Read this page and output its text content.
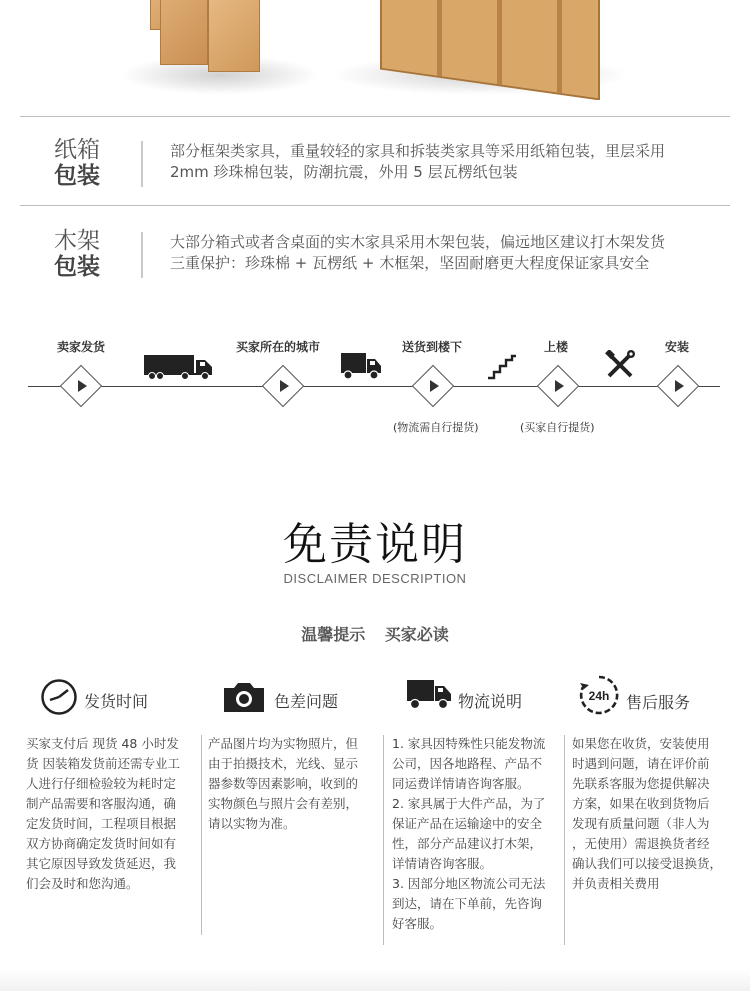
纸箱
包装
部分框架类家具，重量较轻的家具和拆装类家具等采用纸箱包装，里层采用
2mm 珍珠棉包装，防潮抗震，外用 5 层瓦楞纸包装
木架
包装
大部分箱式或者含桌面的实木家具采用木架包装，偏远地区建议打木架发货
三重保护：珍珠棉 + 瓦楞纸 + 木框架，坚固耐磨更大程度保证家具安全
卖家发货	买家所在的城市	送货到楼下	上楼	安装
(物流需自行提货)	(买家自行提货)
免责说明
DISCLAIMER DESCRIPTION
温馨提示 买家必读
发货时间	色差问题	物流说明	24h 售后服务

买家支付后 现货 48 小时发

货 因装箱发货前还需专业工

人进行仔细检验较为耗时定

制产品需要和客服沟通，确

定发货时间，工程项目根据

双方协商确定发货时间如有

其它原因导致发货延迟，我

们会及时和您沟通。

产品图片均为实物照片，但

由于拍摄技术，光线、显示

器参数等因素影响，收到的

实物颜色与照片会有差别，

请以实物为准。

1. 家具因特殊性只能发物流

公司，因各地路程、产品不

同运费详情请咨询客服。

2. 家具属于大件产品，为了

保证产品在运输途中的安全

性，部分产品建议打木架，

详情请咨询客服。

3. 因部分地区物流公司无法

到达，请在下单前，先咨询

好客服。

如果您在收货，安装使用

时遇到问题，请在评价前

先联系客服为您提供解决

方案，如果在收到货物后

发现有质量问题（非人为

，无使用）需退换货者经

确认我们可以接受退换货，

并负责相关费用
